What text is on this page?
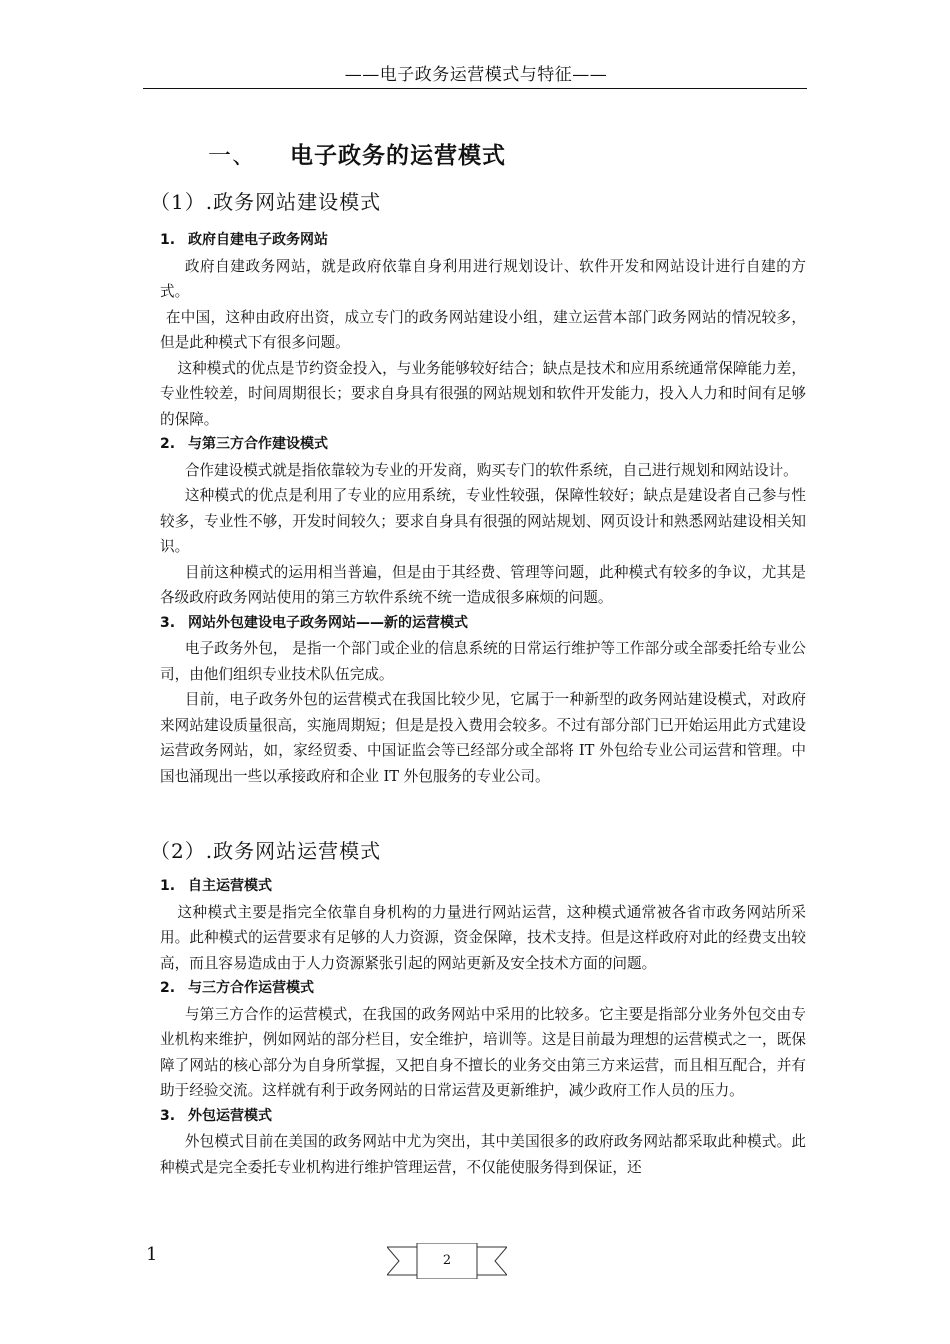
——电子政务运营模式与特征——
一、 电子政务的运营模式
（1）.政务网站建设模式
1. 政府自建电子政务网站

政府自建政务网站，就是政府依靠自身利用进行规划设计、软件开发和网站设计进行自建的方式。

在中国，这种由政府出资，成立专门的政务网站建设小组，建立运营本部门政务网站的情况较多，但是此种模式下有很多问题。

这种模式的优点是节约资金投入，与业务能够较好结合；缺点是技术和应用系统通常保障能力差，专业性较差，时间周期很长；要求自身具有很强的网站规划和软件开发能力，投入人力和时间有足够的保障。

2. 与第三方合作建设模式

合作建设模式就是指依靠较为专业的开发商，购买专门的软件系统，自己进行规划和网站设计。

这种模式的优点是利用了专业的应用系统，专业性较强，保障性较好；缺点是建设者自己参与性较多，专业性不够，开发时间较久；要求自身具有很强的网站规划、网页设计和熟悉网站建设相关知识。

目前这种模式的运用相当普遍，但是由于其经费、管理等问题，此种模式有较多的争议，尤其是各级政府政务网站使用的第三方软件系统不统一造成很多麻烦的问题。

3. 网站外包建设电子政务网站——新的运营模式

电子政务外包， 是指一个部门或企业的信息系统的日常运行维护等工作部分或全部委托给专业公司，由他们组织专业技术队伍完成。

目前，电子政务外包的运营模式在我国比较少见，它属于一种新型的政务网站建设模式，对政府来网站建设质量很高，实施周期短；但是是投入费用会较多。不过有部分部门已开始运用此方式建设运营政务网站，如，家经贸委、中国证监会等已经部分或全部将 IT 外包给专业公司运营和管理。中国也涌现出一些以承接政府和企业 IT 外包服务的专业公司。

（2）.政务网站运营模式
1. 自主运营模式

这种模式主要是指完全依靠自身机构的力量进行网站运营，这种模式通常被各省市政务网站所采用。此种模式的运营要求有足够的人力资源，资金保障，技术支持。但是这样政府对此的经费支出较高，而且容易造成由于人力资源紧张引起的网站更新及安全技术方面的问题。

2. 与三方合作运营模式

与第三方合作的运营模式，在我国的政务网站中采用的比较多。它主要是指部分业务外包交由专业机构来维护，例如网站的部分栏目，安全维护，培训等。这是目前最为理想的运营模式之一，既保障了网站的核心部分为自身所掌握，又把自身不擅长的业务交由第三方来运营，而且相互配合，并有助于经验交流。这样就有利于政务网站的日常运营及更新维护，减少政府工作人员的压力。

3. 外包运营模式

外包模式目前在美国的政务网站中尤为突出，其中美国很多的政府政务网站都采取此种模式。此种模式是完全委托专业机构进行维护管理运营，不仅能使服务得到保证，还

1	2
